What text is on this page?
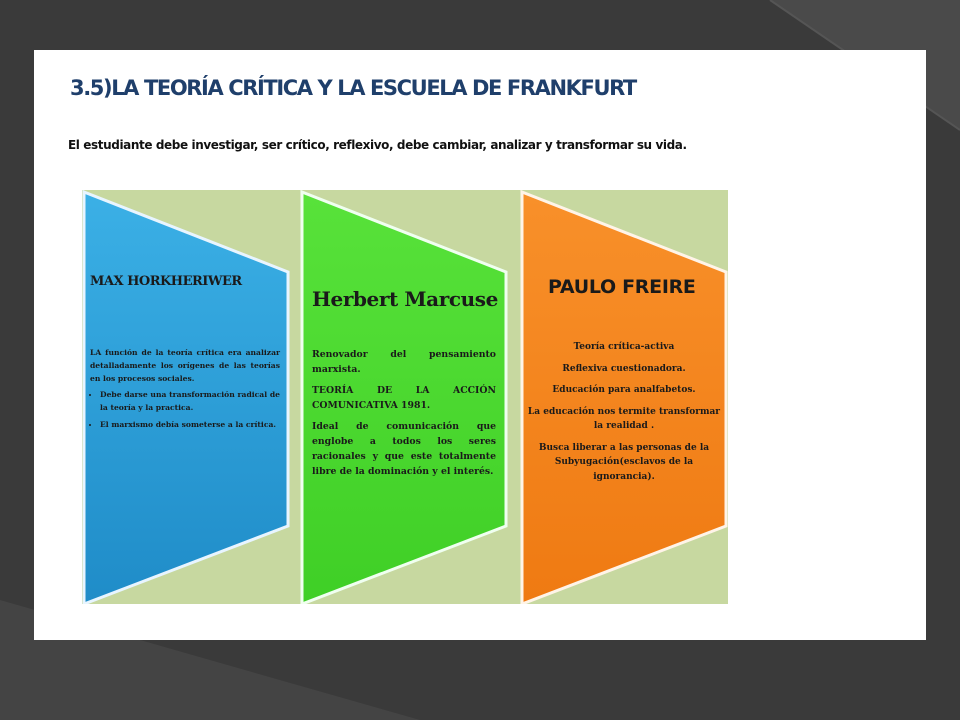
3.5)LA TEORÍA CRÍTICA Y LA ESCUELA DE FRANKFURT

El estudiante debe investigar, ser crítico, reflexivo, debe cambiar, analizar y transformar su vida.

MAX HORKHERIWER

LA función de la teoría crítica era analizar detalladamente los orígenes de las teorías en los procesos sociales.

• Debe darse una transformación radical de la teoría y la practica.
• El marxismo debía someterse a la crítica.
Herbert Marcuse

Renovador del pensamiento marxista.

TEORÍA DE LA ACCIÓN COMUNICATIVA 1981.

Ideal de comunicación que englobe a todos los seres racionales y que este totalmente libre de la dominación y el interés.

PAULO FREIRE

Teoría crítica-activa

Reflexiva cuestionadora.

Educación para analfabetos.

La educación nos termite transformar la realidad .

Busca liberar a las personas de la Subyugación(esclavos de la ignorancia).
